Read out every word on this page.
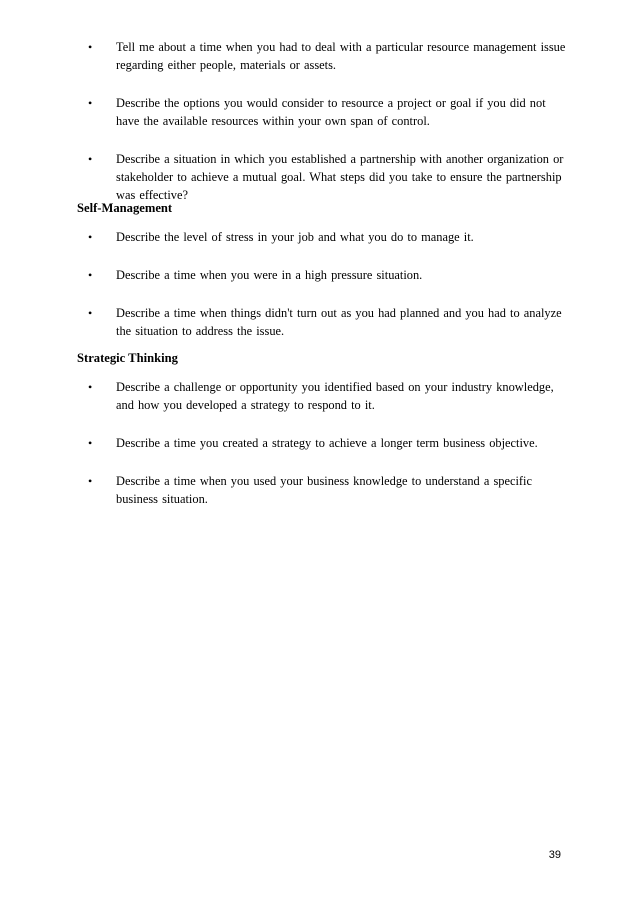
• Tell me about a time when you had to deal with a particular resource management issue regarding either people, materials or assets.
• Describe the options you would consider to resource a project or goal if you did not have the available resources within your own span of control.
• Describe a situation in which you established a partnership with another organization or stakeholder to achieve a mutual goal. What steps did you take to ensure the partnership was effective?
Self-Management
• Describe the level of stress in your job and what you do to manage it.
• Describe a time when you were in a high pressure situation.
• Describe a time when things didn't turn out as you had planned and you had to analyze the situation to address the issue.
Strategic Thinking
• Describe a challenge or opportunity you identified based on your industry knowledge, and how you developed a strategy to respond to it.
• Describe a time you created a strategy to achieve a longer term business objective.
• Describe a time when you used your business knowledge to understand a specific business situation.
39
